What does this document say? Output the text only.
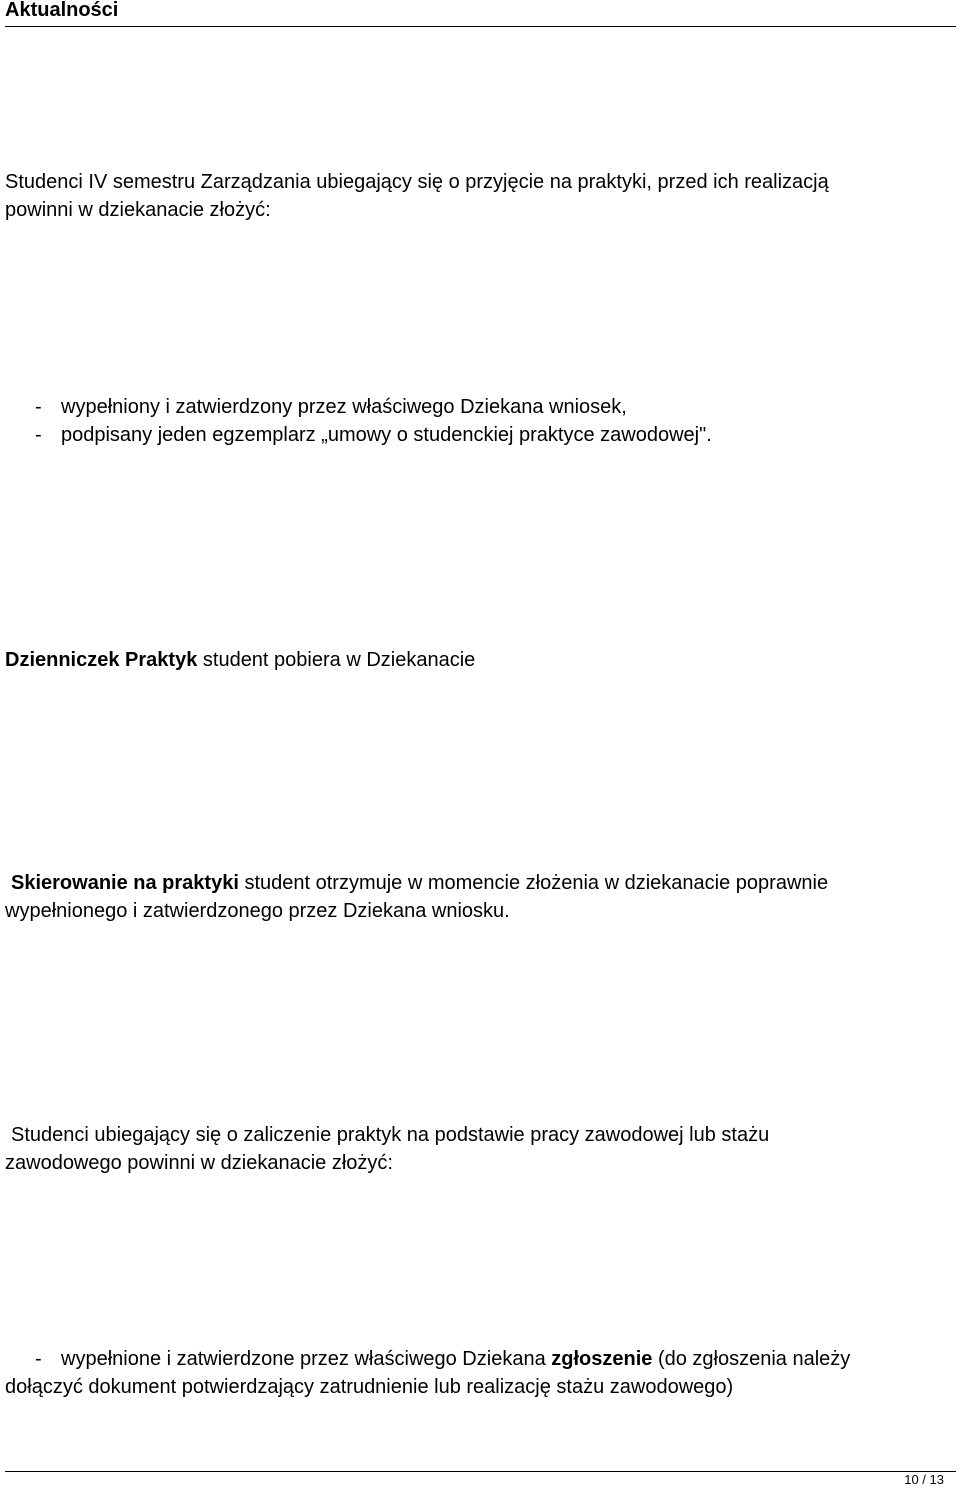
Aktualności
Studenci IV semestru Zarządzania ubiegający się o przyjęcie na praktyki, przed ich realizacją
powinni w dziekanacie złożyć:
- wypełniony i zatwierdzony przez właściwego Dziekana wniosek,
- podpisany jeden egzemplarz „umowy o studenckiej praktyce zawodowej".
Dzienniczek Praktyk student pobiera w Dziekanacie
Skierowanie na praktyki student otrzymuje w momencie złożenia w dziekanacie poprawnie
wypełnionego i zatwierdzonego przez Dziekana wniosku.
Studenci ubiegający się o zaliczenie praktyk na podstawie pracy zawodowej lub stażu
zawodowego powinni w dziekanacie złożyć:
- wypełnione i zatwierdzone przez właściwego Dziekana zgłoszenie (do zgłoszenia należy
dołączyć dokument potwierdzający zatrudnienie lub realizację stażu zawodowego)
10 / 13
